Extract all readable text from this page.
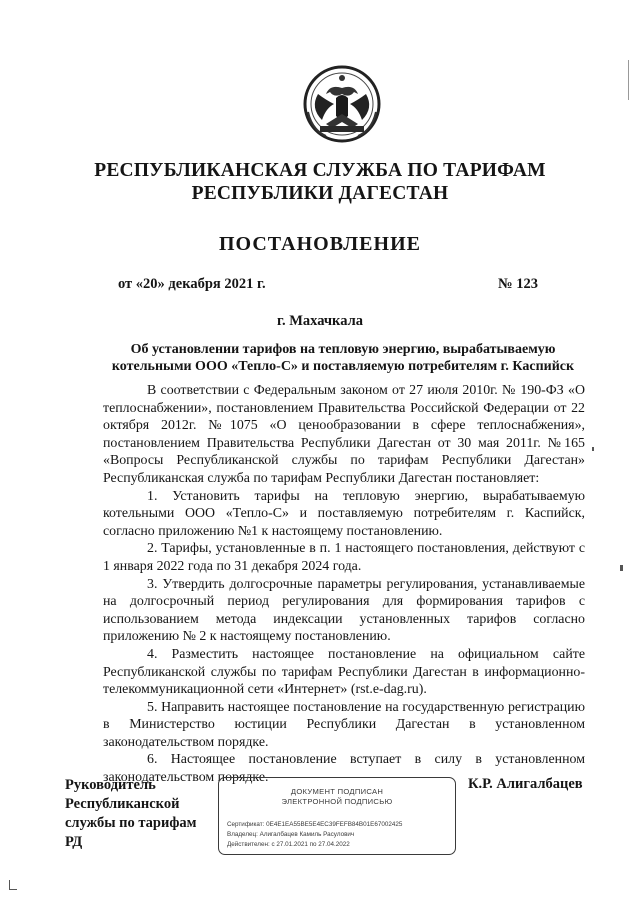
РЕСПУБЛИКАНСКАЯ СЛУЖБА ПО ТАРИФАМ
РЕСПУБЛИКИ ДАГЕСТАН
ПОСТАНОВЛЕНИЕ
от «20» декабря 2021 г.	№ 123
г. Махачкала
Об установлении тарифов на тепловую энергию, вырабатываемую
котельными ООО «Тепло-С» и поставляемую потребителям г. Каспийск

В соответствии с Федеральным законом от 27 июля 2010г. № 190-ФЗ «О теплоснабжении», постановлением Правительства Российской Федерации от 22 октября 2012г. №1075 «О ценообразовании в сфере теплоснабжения», постановлением Правительства Республики Дагестан от 30 мая 2011г. №165 «Вопросы Республиканской службы по тарифам Республики Дагестан» Республиканская служба по тарифам Республики Дагестан постановляет:

1. Установить тарифы на тепловую энергию, вырабатываемую котельными ООО «Тепло-С» и поставляемую потребителям г. Каспийск, согласно приложению №1 к настоящему постановлению.

2. Тарифы, установленные в п. 1 настоящего постановления, действуют с 1 января 2022 года по 31 декабря 2024 года.

3. Утвердить долгосрочные параметры регулирования, устанавливаемые на долгосрочный период регулирования для формирования тарифов с использованием метода индексации установленных тарифов согласно приложению № 2 к настоящему постановлению.

4. Разместить настоящее постановление на официальном сайте Республиканской службы по тарифам Республики Дагестан в информационно-телекоммуникационной сети «Интернет» (rst.e-dag.ru).

5. Направить настоящее постановление на государственную регистрацию в Министерство юстиции Республики Дагестан в установленном законодательством порядке.

6. Настоящее постановление вступает в силу в установленном законодательством порядке.

Руководитель
Республиканской
службы по тарифам
РД
ДОКУМЕНТ ПОДПИСАН
ЭЛЕКТРОННОЙ ПОДПИСЬЮ
Сертификат: 0E4E1EA55BE5E4EC39FEFB84B01E67002425
Владелец: Алигалбацев Камиль Расулович
Действителен: с 27.01.2021 по 27.04.2022
К.Р. Алигалбацев
